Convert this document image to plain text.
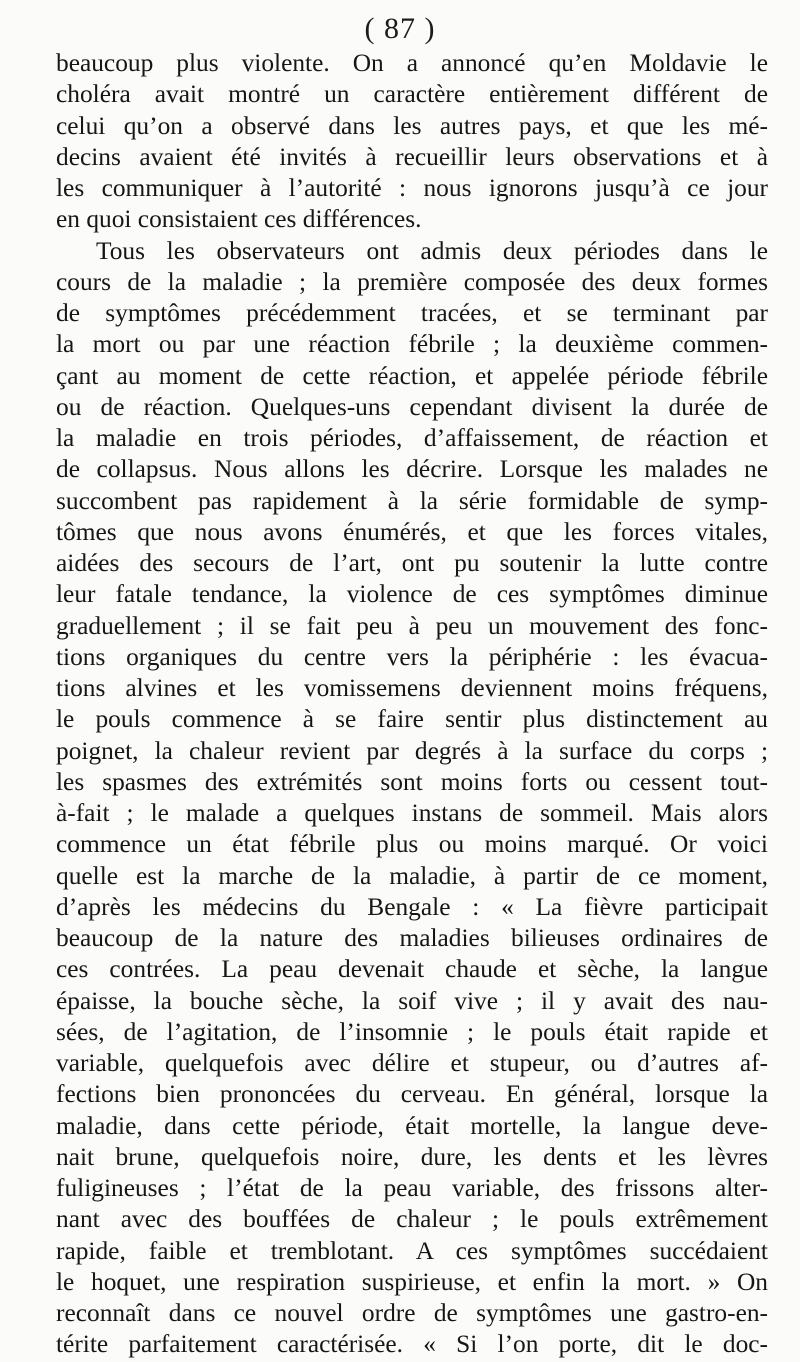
( 87 )
beaucoup plus violente. On a annoncé qu’en Moldavie le
choléra avait montré un caractère entièrement différent de
celui qu’on a observé dans les autres pays, et que les mé-
decins avaient été invités à recueillir leurs observations et à
les communiquer à l’autorité : nous ignorons jusqu’à ce jour
en quoi consistaient ces différences.
Tous les observateurs ont admis deux périodes dans le
cours de la maladie ; la première composée des deux formes
de symptômes précédemment tracées, et se terminant par
la mort ou par une réaction fébrile ; la deuxième commen-
çant au moment de cette réaction, et appelée période fébrile
ou de réaction. Quelques-uns cependant divisent la durée de
la maladie en trois périodes, d’affaissement, de réaction et
de collapsus. Nous allons les décrire. Lorsque les malades ne
succombent pas rapidement à la série formidable de symp-
tômes que nous avons énumérés, et que les forces vitales,
aidées des secours de l’art, ont pu soutenir la lutte contre
leur fatale tendance, la violence de ces symptômes diminue
graduellement ; il se fait peu à peu un mouvement des fonc-
tions organiques du centre vers la périphérie : les évacua-
tions alvines et les vomissemens deviennent moins fréquens,
le pouls commence à se faire sentir plus distinctement au
poignet, la chaleur revient par degrés à la surface du corps ;
les spasmes des extrémités sont moins forts ou cessent tout-
à-fait ; le malade a quelques instans de sommeil. Mais alors
commence un état fébrile plus ou moins marqué. Or voici
quelle est la marche de la maladie, à partir de ce moment,
d’après les médecins du Bengale : « La fièvre participait
beaucoup de la nature des maladies bilieuses ordinaires de
ces contrées. La peau devenait chaude et sèche, la langue
épaisse, la bouche sèche, la soif vive ; il y avait des nau-
sées, de l’agitation, de l’insomnie ; le pouls était rapide et
variable, quelquefois avec délire et stupeur, ou d’autres af-
fections bien prononcées du cerveau. En général, lorsque la
maladie, dans cette période, était mortelle, la langue deve-
nait brune, quelquefois noire, dure, les dents et les lèvres
fuligineuses ; l’état de la peau variable, des frissons alter-
nant avec des bouffées de chaleur ; le pouls extrêmement
rapide, faible et tremblotant. A ces symptômes succédaient
le hoquet, une respiration suspirieuse, et enfin la mort. » On
reconnaît dans ce nouvel ordre de symptômes une gastro-en-
térite parfaitement caractérisée. « Si l’on porte, dit le doc-
